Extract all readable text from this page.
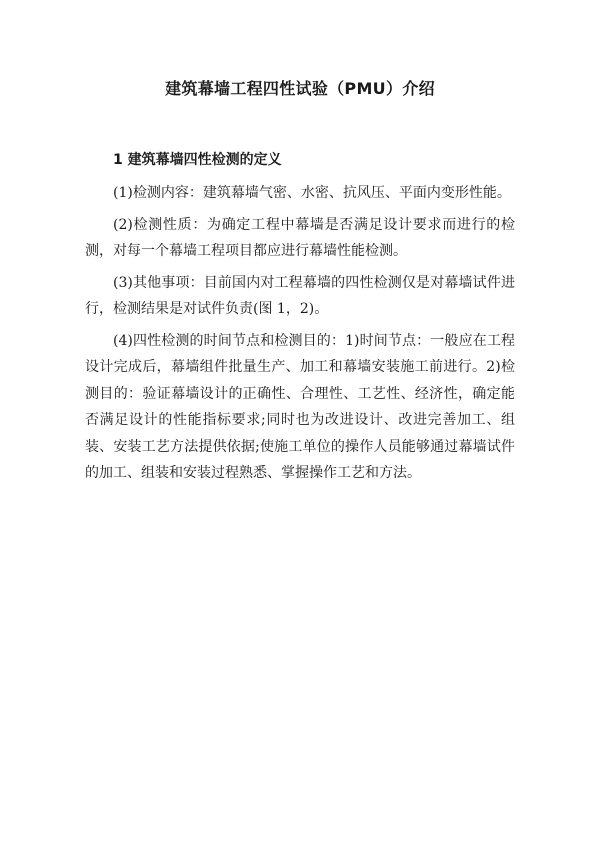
建筑幕墙工程四性试验（PMU）介绍
1 建筑幕墙四性检测的定义

(1)检测内容：建筑幕墙气密、水密、抗风压、平面内变形性能。

(2)检测性质：为确定工程中幕墙是否满足设计要求而进行的检测，对每一个幕墙工程项目都应进行幕墙性能检测。

(3)其他事项：目前国内对工程幕墙的四性检测仅是对幕墙试件进行，检测结果是对试件负责(图 1，2)。

(4)四性检测的时间节点和检测目的：1)时间节点：一般应在工程设计完成后，幕墙组件批量生产、加工和幕墙安装施工前进行。2)检测目的：验证幕墙设计的正确性、合理性、工艺性、经济性，确定能否满足设计的性能指标要求;同时也为改进设计、改进完善加工、组装、安装工艺方法提供依据;使施工单位的操作人员能够通过幕墙试件的加工、组装和安装过程熟悉、掌握操作工艺和方法。
